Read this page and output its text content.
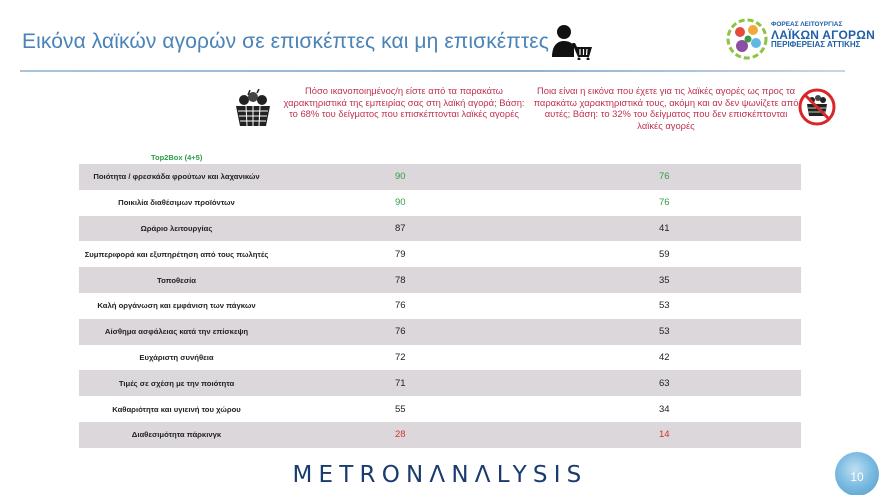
Εικόνα λαϊκών αγορών σε επισκέπτες και μη επισκέπτες
ΦΟΡΕΑΣ ΛΕΙΤΟΥΡΓΙΑΣ
ΛΑΪΚΩΝ ΑΓΟΡΩΝ
ΠΕΡΙΦΕΡΕΙΑΣ ΑΤΤΙΚΗΣ
Πόσο ικανοποιημένος/η είστε από τα παρακάτω χαρακτηριστικά της εμπειρίας σας στη λαϊκή αγορά; Βάση: το 68% του δείγματος που επισκέπτονται λαϊκές αγορές
Ποια είναι η εικόνα που έχετε για τις λαϊκές αγορές ως προς τα παρακάτω χαρακτηριστικά τους, ακόμη και αν δεν ψωνίζετε από αυτές; Βάση: το 32% του δείγματος που δεν επισκέπτονται λαϊκές αγορές
Top2Box (4+5)
Ποιότητα / φρεσκάδα φρούτων και λαχανικών	90	76
Ποικιλία διαθέσιμων προϊόντων	90	76
Ωράριο λειτουργίας	87	41
Συμπεριφορά και εξυπηρέτηση από τους πωλητές	79	59
Τοποθεσία	78	35
Καλή οργάνωση και εμφάνιση των πάγκων	76	53
Αίσθημα ασφάλειας κατά την επίσκεψη	76	53
Ευχάριστη συνήθεια	72	42
Τιμές σε σχέση με την ποιότητα	71	63
Καθαριότητα και υγιεινή του χώρου	55	34
Διαθεσιμότητα πάρκινγκ	28	14
METRONΛNΛLYSIS	10
